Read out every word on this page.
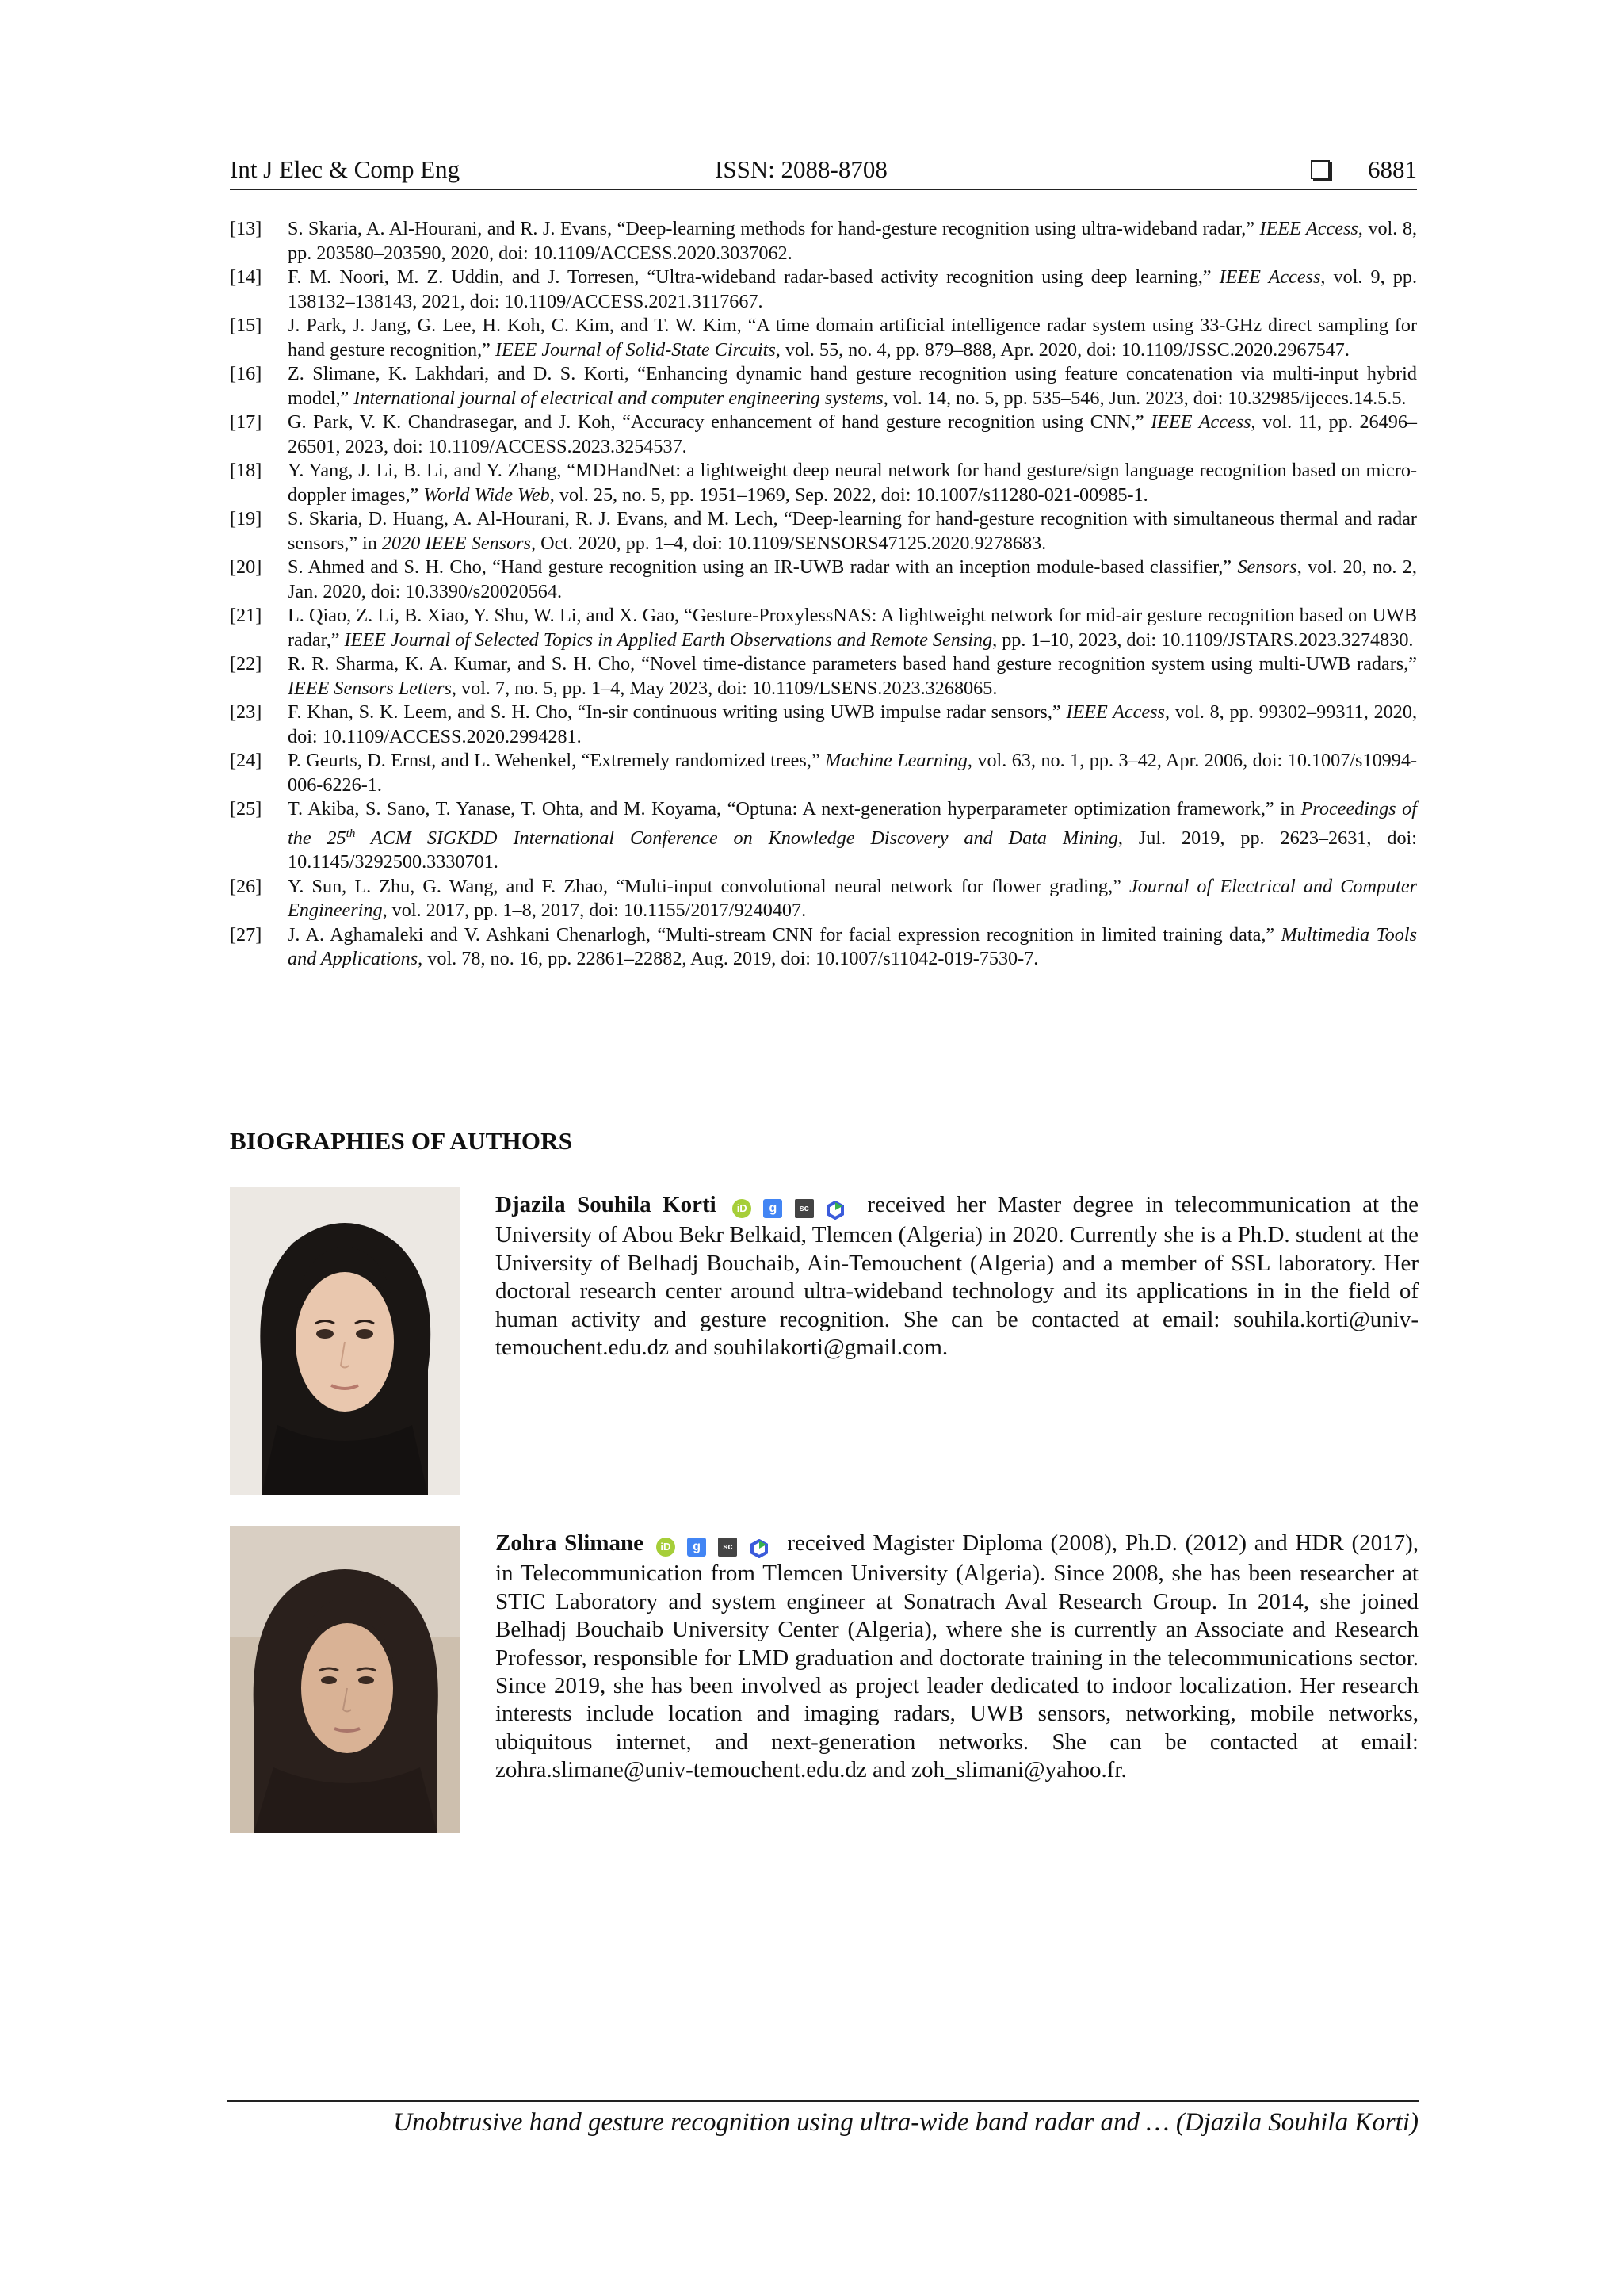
Int J Elec & Comp Eng	ISSN: 2088-8708	6881

[13] S. Skaria, A. Al-Hourani, and R. J. Evans, “Deep-learning methods for hand-gesture recognition using ultra-wideband radar,” IEEE Access, vol. 8, pp. 203580–203590, 2020, doi: 10.1109/ACCESS.2020.3037062.

[14] F. M. Noori, M. Z. Uddin, and J. Torresen, “Ultra-wideband radar-based activity recognition using deep learning,” IEEE Access, vol. 9, pp. 138132–138143, 2021, doi: 10.1109/ACCESS.2021.3117667.

[15] J. Park, J. Jang, G. Lee, H. Koh, C. Kim, and T. W. Kim, “A time domain artificial intelligence radar system using 33-GHz direct sampling for hand gesture recognition,” IEEE Journal of Solid-State Circuits, vol. 55, no. 4, pp. 879–888, Apr. 2020, doi: 10.1109/JSSC.2020.2967547.

[16] Z. Slimane, K. Lakhdari, and D. S. Korti, “Enhancing dynamic hand gesture recognition using feature concatenation via multi-input hybrid model,” International journal of electrical and computer engineering systems, vol. 14, no. 5, pp. 535–546, Jun. 2023, doi: 10.32985/ijeces.14.5.5.

[17] G. Park, V. K. Chandrasegar, and J. Koh, “Accuracy enhancement of hand gesture recognition using CNN,” IEEE Access, vol. 11, pp. 26496–26501, 2023, doi: 10.1109/ACCESS.2023.3254537.

[18] Y. Yang, J. Li, B. Li, and Y. Zhang, “MDHandNet: a lightweight deep neural network for hand gesture/sign language recognition based on micro-doppler images,” World Wide Web, vol. 25, no. 5, pp. 1951–1969, Sep. 2022, doi: 10.1007/s11280-021-00985-1.

[19] S. Skaria, D. Huang, A. Al-Hourani, R. J. Evans, and M. Lech, “Deep-learning for hand-gesture recognition with simultaneous thermal and radar sensors,” in 2020 IEEE Sensors, Oct. 2020, pp. 1–4, doi: 10.1109/SENSORS47125.2020.9278683.

[20] S. Ahmed and S. H. Cho, “Hand gesture recognition using an IR-UWB radar with an inception module-based classifier,” Sensors, vol. 20, no. 2, Jan. 2020, doi: 10.3390/s20020564.

[21] L. Qiao, Z. Li, B. Xiao, Y. Shu, W. Li, and X. Gao, “Gesture-ProxylessNAS: A lightweight network for mid-air gesture recognition based on UWB radar,” IEEE Journal of Selected Topics in Applied Earth Observations and Remote Sensing, pp. 1–10, 2023, doi: 10.1109/JSTARS.2023.3274830.

[22] R. R. Sharma, K. A. Kumar, and S. H. Cho, “Novel time-distance parameters based hand gesture recognition system using multi-UWB radars,” IEEE Sensors Letters, vol. 7, no. 5, pp. 1–4, May 2023, doi: 10.1109/LSENS.2023.3268065.

[23] F. Khan, S. K. Leem, and S. H. Cho, “In-sir continuous writing using UWB impulse radar sensors,” IEEE Access, vol. 8, pp. 99302–99311, 2020, doi: 10.1109/ACCESS.2020.2994281.

[24] P. Geurts, D. Ernst, and L. Wehenkel, “Extremely randomized trees,” Machine Learning, vol. 63, no. 1, pp. 3–42, Apr. 2006, doi: 10.1007/s10994-006-6226-1.

[25] T. Akiba, S. Sano, T. Yanase, T. Ohta, and M. Koyama, “Optuna: A next-generation hyperparameter optimization framework,” in Proceedings of the 25th ACM SIGKDD International Conference on Knowledge Discovery and Data Mining, Jul. 2019, pp. 2623–2631, doi: 10.1145/3292500.3330701.

[26] Y. Sun, L. Zhu, G. Wang, and F. Zhao, “Multi-input convolutional neural network for flower grading,” Journal of Electrical and Computer Engineering, vol. 2017, pp. 1–8, 2017, doi: 10.1155/2017/9240407.

[27] J. A. Aghamaleki and V. Ashkani Chenarlogh, “Multi-stream CNN for facial expression recognition in limited training data,” Multimedia Tools and Applications, vol. 78, no. 16, pp. 22861–22882, Aug. 2019, doi: 10.1007/s11042-019-7530-7.

BIOGRAPHIES OF AUTHORS
Djazila Souhila Korti iD g	sc  received her Master degree in telecommunication at the University of Abou Bekr Belkaid, Tlemcen (Algeria) in 2020. Currently she is a Ph.D. student at the University of Belhadj Bouchaib, Ain-Temouchent (Algeria) and a member of SSL laboratory. Her doctoral research center around ultra-wideband technology and its applications in in the field of human activity and gesture recognition. She can be contacted at email: souhila.korti@univ-temouchent.edu.dz and souhilakorti@gmail.com.
Zohra Slimane iD g	sc  received Magister Diploma (2008), Ph.D. (2012) and HDR (2017), in Telecommunication from Tlemcen University (Algeria). Since 2008, she has been researcher at STIC Laboratory and system engineer at Sonatrach Aval Research Group. In 2014, she joined Belhadj Bouchaib University Center (Algeria), where she is currently an Associate and Research Professor, responsible for LMD graduation and doctorate training in the telecommunications sector. Since 2019, she has been involved as project leader dedicated to indoor localization. Her research interests include location and imaging radars, UWB sensors, networking, mobile networks, ubiquitous internet, and next-generation networks. She can be contacted at email: zohra.slimane@univ-temouchent.edu.dz and zoh_slimani@yahoo.fr.
Unobtrusive hand gesture recognition using ultra-wide band radar and … (Djazila Souhila Korti)
